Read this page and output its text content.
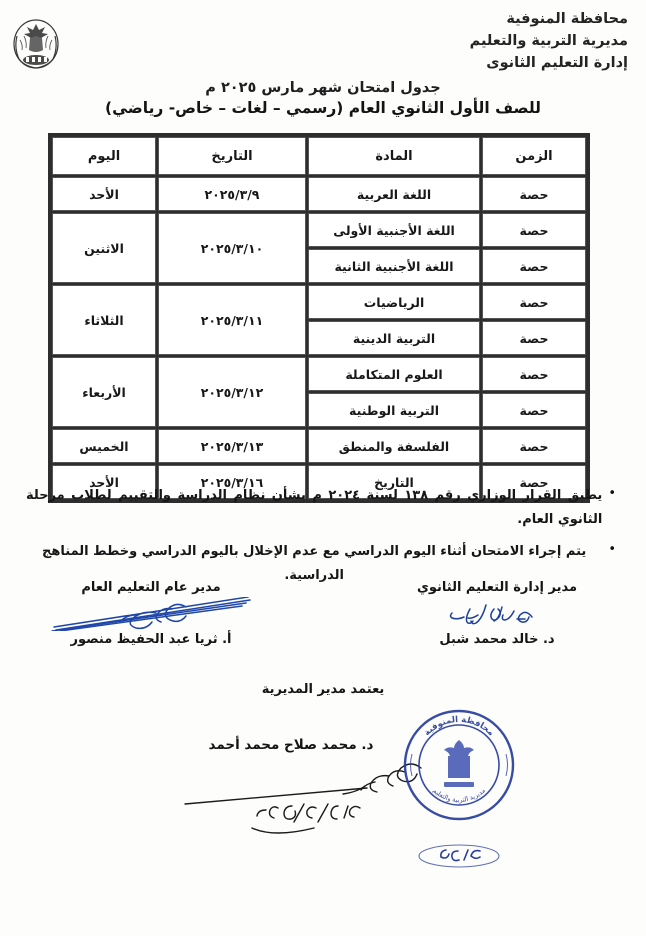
محافظة المنوفية
مديرية التربية والتعليم
إدارة التعليم الثانوى
جدول امتحان شهر مارس ٢٠٢٥ م
للصف الأول الثانوي العام (رسمي – لغات – خاص- رياضي)
الزمن	المادة	التاريخ	اليوم
حصة	اللغة العربية	٢٠٢٥/٣/٩	الأحد
حصة	اللغة الأجنبية الأولى	٢٠٢٥/٣/١٠	الاثنين
حصة	اللغة الأجنبية الثانية		
حصة	الرياضيات	٢٠٢٥/٣/١١	الثلاثاء
حصة	التربية الدينية		
حصة	العلوم المتكاملة	٢٠٢٥/٣/١٢	الأربعاء
حصة	التربية الوطنية		
حصة	الفلسفة والمنطق	٢٠٢٥/٣/١٣	الخميس
حصة	التاريخ	٢٠٢٥/٣/١٦	الأحد
•
يطبق القرار الوزاري رقم ١٣٨ لسنة ٢٠٢٤ م بشأن نظام الدراسة والتقييم لطلاب مرحلة الثانوي العام.
•
يتم إجراء الامتحان أثناء اليوم الدراسي مع عدم الإخلال باليوم الدراسي وخطط المناهج الدراسية.
مدير إدارة التعليم الثانوي
د. خالد محمد شبل
مدير عام التعليم العام
أ. ثريا عبد الحفيظ منصور
يعتمد مدير المديرية
د. محمد صلاح محمد أحمد
محافظة المنوفية
مديرية التربية والتعليم
